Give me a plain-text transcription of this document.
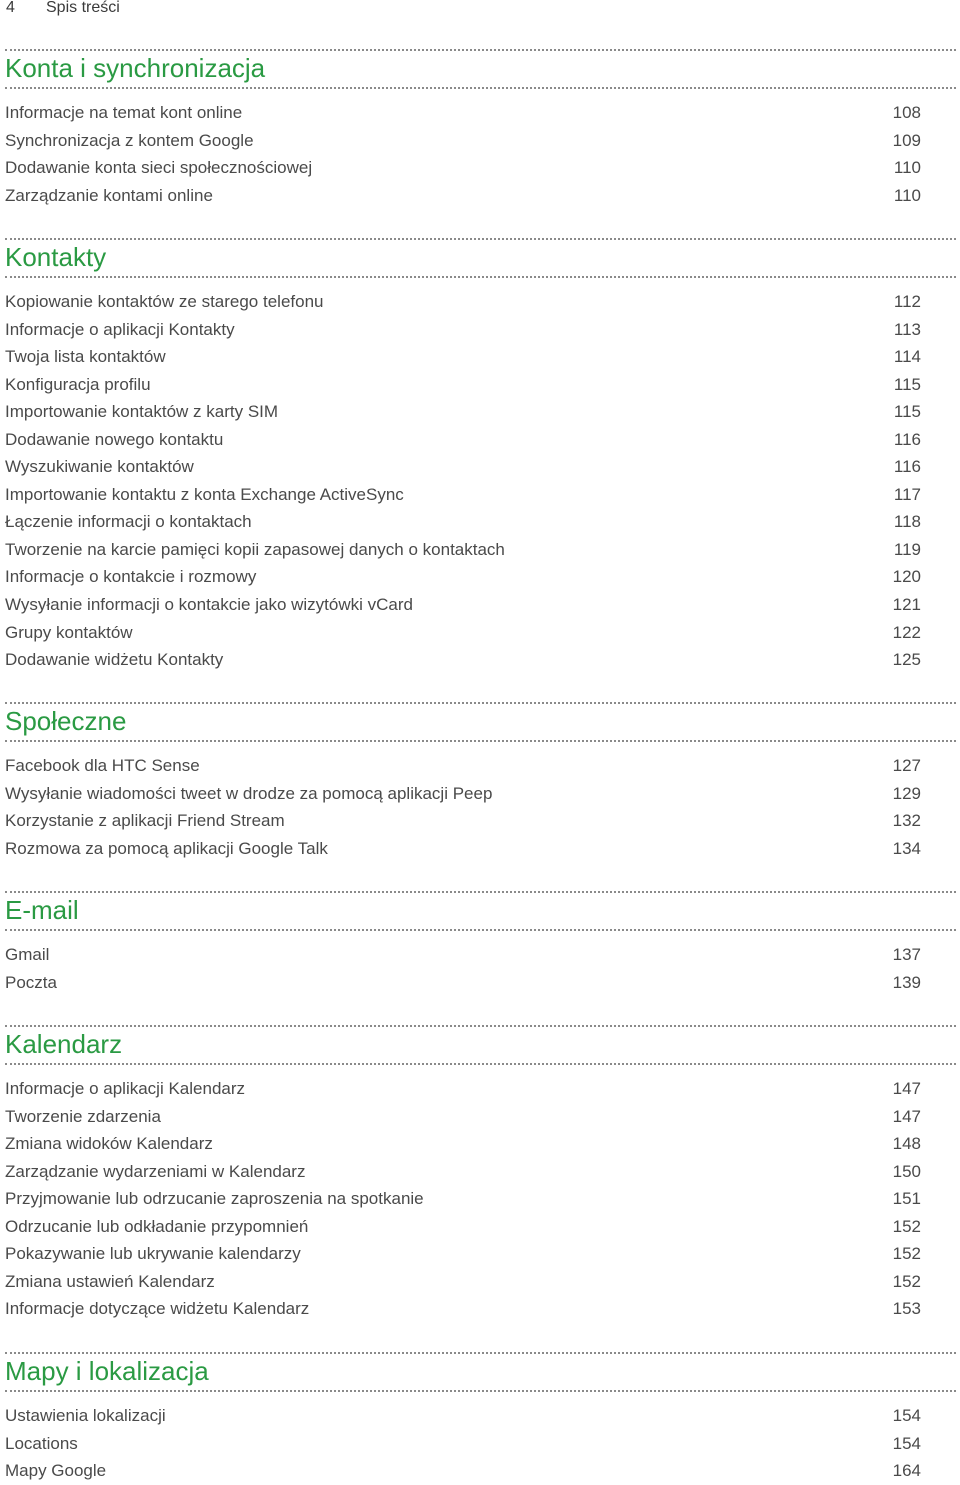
4 Spis treści
Konta i synchronizacja
Informacje na temat kont online	108
Synchronizacja z kontem Google	109
Dodawanie konta sieci społecznościowej	110
Zarządzanie kontami online	110
Kontakty
Kopiowanie kontaktów ze starego telefonu	112
Informacje o aplikacji Kontakty	113
Twoja lista kontaktów	114
Konfiguracja profilu	115
Importowanie kontaktów z karty SIM	115
Dodawanie nowego kontaktu	116
Wyszukiwanie kontaktów	116
Importowanie kontaktu z konta Exchange ActiveSync	117
Łączenie informacji o kontaktach	118
Tworzenie na karcie pamięci kopii zapasowej danych o kontaktach	119
Informacje o kontakcie i rozmowy	120
Wysyłanie informacji o kontakcie jako wizytówki vCard	121
Grupy kontaktów	122
Dodawanie widżetu Kontakty	125
Społeczne
Facebook dla HTC Sense	127
Wysyłanie wiadomości tweet w drodze za pomocą aplikacji Peep	129
Korzystanie z aplikacji Friend Stream	132
Rozmowa za pomocą aplikacji Google Talk	134
E-mail
Gmail	137
Poczta	139
Kalendarz
Informacje o aplikacji Kalendarz	147
Tworzenie zdarzenia	147
Zmiana widoków Kalendarz	148
Zarządzanie wydarzeniami w Kalendarz	150
Przyjmowanie lub odrzucanie zaproszenia na spotkanie	151
Odrzucanie lub odkładanie przypomnień	152
Pokazywanie lub ukrywanie kalendarzy	152
Zmiana ustawień Kalendarz	152
Informacje dotyczące widżetu Kalendarz	153
Mapy i lokalizacja
Ustawienia lokalizacji	154
Locations	154
Mapy Google	164
